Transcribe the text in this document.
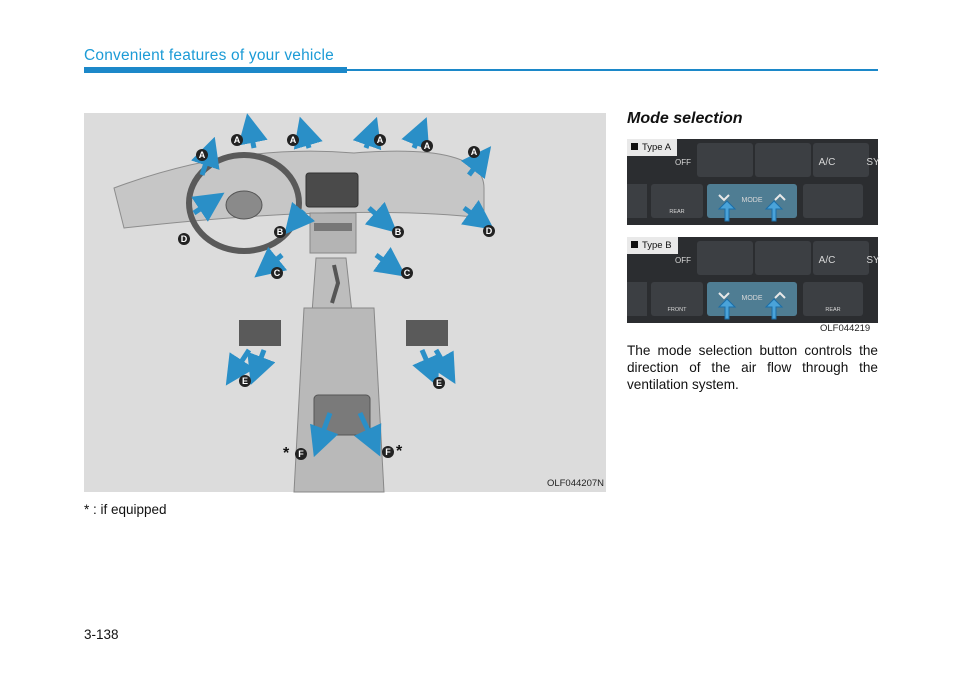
Convenient features of your vehicle
A
A	A	A
A
A
B	B
C	C
D
D
E	E
F	F
*	*
OLF044207N
* : if equipped
Mode selection
OFF	A/C	SY
REAR
MODE
Type A
OFF	A/C	SY
FRONT	REAR
MODE
Type B
OLF044219
The mode selection button controls the direction of the air flow through the ventilation system.
3-138
